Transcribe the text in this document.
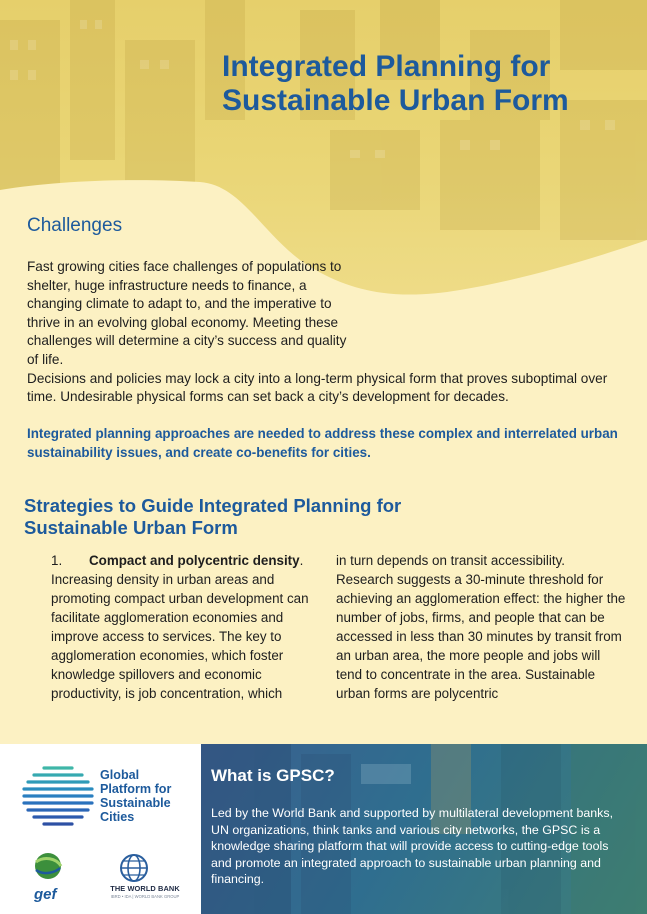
Integrated Planning for
Sustainable Urban Form
Challenges
Fast growing cities face challenges of populations to shelter, huge infrastructure needs to finance, a changing climate to adapt to, and the imperative to thrive in an evolving global economy. Meeting these challenges will determine a city’s success and quality of life.
Decisions and policies may lock a city into a long-term physical form that proves suboptimal over time. Undesirable physical forms can set back a city’s development for decades.

Integrated planning approaches are needed to address these complex and interrelated urban sustainability issues, and create co-benefits for cities.

Strategies to Guide Integrated Planning for Sustainable Urban Form
1. Compact and polycentric density. Increasing density in urban areas and promoting compact urban development can facilitate agglomeration economies and improve access to services. The key to agglomeration economies, which foster knowledge spillovers and economic productivity, is job concentration, which
in turn depends on transit accessibility. Research suggests a 30-minute threshold for achieving an agglomeration effect: the higher the number of jobs, firms, and people that can be accessed in less than 30 minutes by transit from an urban area, the more people and jobs will tend to concentrate in the area. Sustainable urban forms are polycentric
Global
Platform for
Sustainable
Cities
gef	THE WORLD BANK
IBRD • IDA | WORLD BANK GROUP
What is GPSC?

Led by the World Bank and supported by multilateral development banks, UN organizations, think tanks and various city networks, the GPSC is a knowledge sharing platform that will provide access to cutting-edge tools and promote an integrated approach to sustainable urban planning and financing.
